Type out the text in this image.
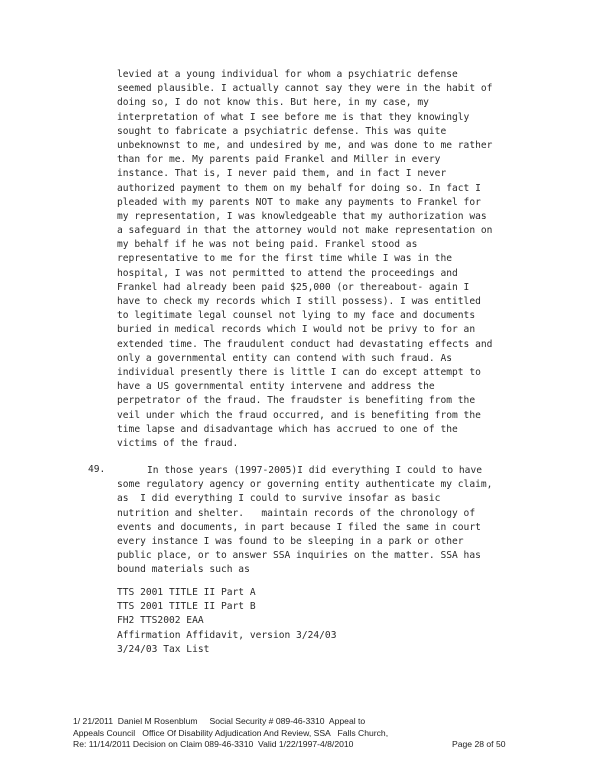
levied at a young individual for whom a psychiatric defense
seemed plausible. I actually cannot say they were in the habit of
doing so, I do not know this. But here, in my case, my
interpretation of what I see before me is that they knowingly
sought to fabricate a psychiatric defense. This was quite
unbeknownst to me, and undesired by me, and was done to me rather
than for me. My parents paid Frankel and Miller in every
instance. That is, I never paid them, and in fact I never
authorized payment to them on my behalf for doing so. In fact I
pleaded with my parents NOT to make any payments to Frankel for
my representation, I was knowledgeable that my authorization was
a safeguard in that the attorney would not make representation on
my behalf if he was not being paid. Frankel stood as
representative to me for the first time while I was in the
hospital, I was not permitted to attend the proceedings and
Frankel had already been paid $25,000 (or thereabout- again I
have to check my records which I still possess). I was entitled
to legitimate legal counsel not lying to my face and documents
buried in medical records which I would not be privy to for an
extended time. The fraudulent conduct had devastating effects and
only a governmental entity can contend with such fraud. As
individual presently there is little I can do except attempt to
have a US governmental entity intervene and address the
perpetrator of the fraud. The fraudster is benefiting from the
veil under which the fraud occurred, and is benefiting from the
time lapse and disadvantage which has accrued to one of the
victims of the fraud.
49.	In those years (1997-2005)I did everything I could to have
some regulatory agency or governing entity authenticate my claim,
as  I did everything I could to survive insofar as basic
nutrition and shelter.   maintain records of the chronology of
events and documents, in part because I filed the same in court
every instance I was found to be sleeping in a park or other
public place, or to answer SSA inquiries on the matter. SSA has
bound materials such as
TTS 2001 TITLE II Part A
TTS 2001 TITLE II Part B
FH2 TTS2002 EAA
Affirmation Affidavit, version 3/24/03
3/24/03 Tax List
1/ 21/2011  Daniel M Rosenblum     Social Security # 089-46-3310  Appeal to
Appeals Council   Office Of Disability Adjudication And Review, SSA   Falls Church,
Re: 11/14/2011 Decision on Claim 089-46-3310  Valid 1/22/1997-4/8/2010	Page 28 of 50
